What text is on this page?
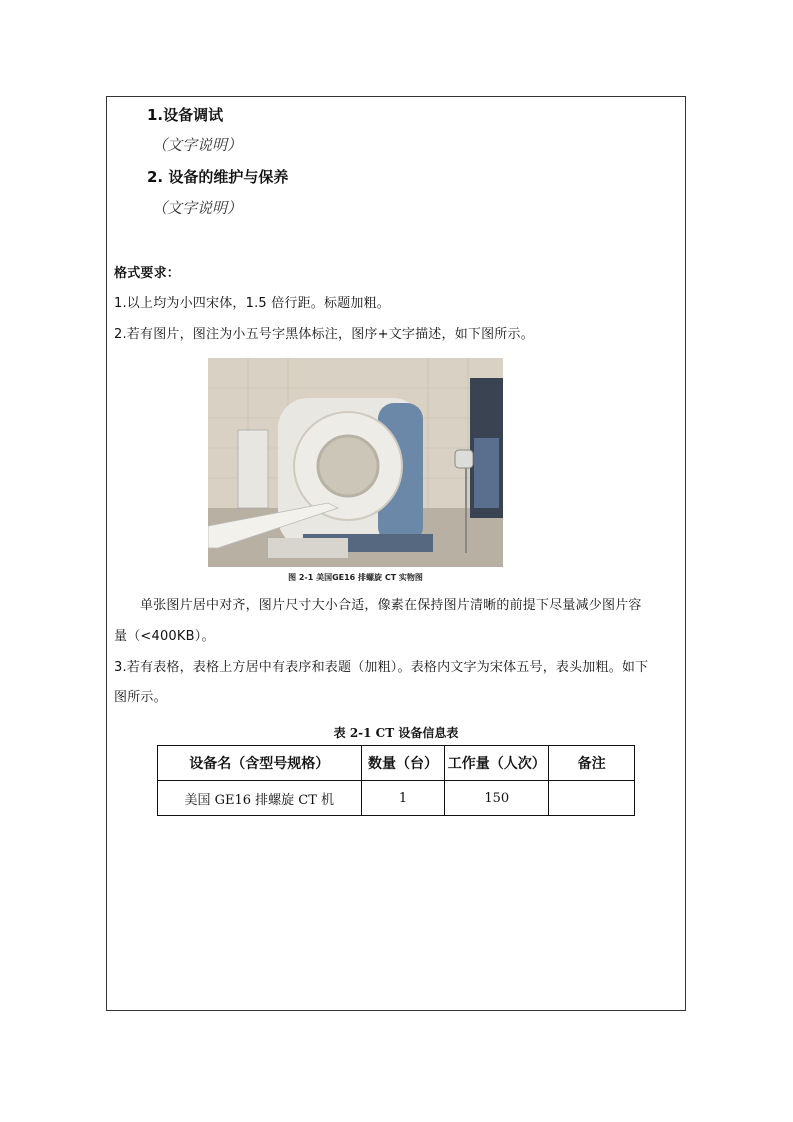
1.设备调试
（文字说明）
2. 设备的维护与保养
（文字说明）
格式要求：
1.以上均为小四宋体，1.5 倍行距。标题加粗。
2.若有图片，图注为小五号字黑体标注，图序+文字描述，如下图所示。
图 2-1 美国GE16 排螺旋 CT 实物图
单张图片居中对齐，图片尺寸大小合适，像素在保持图片清晰的前提下尽量减少图片容
量（<400KB）。
3.若有表格，表格上方居中有表序和表题（加粗）。表格内文字为宋体五号，表头加粗。如下
图所示。
表 2-1 CT 设备信息表
设备名（含型号规格）	数量（台）	工作量（人次）	备注
美国 GE16 排螺旋 CT 机	1	150	
